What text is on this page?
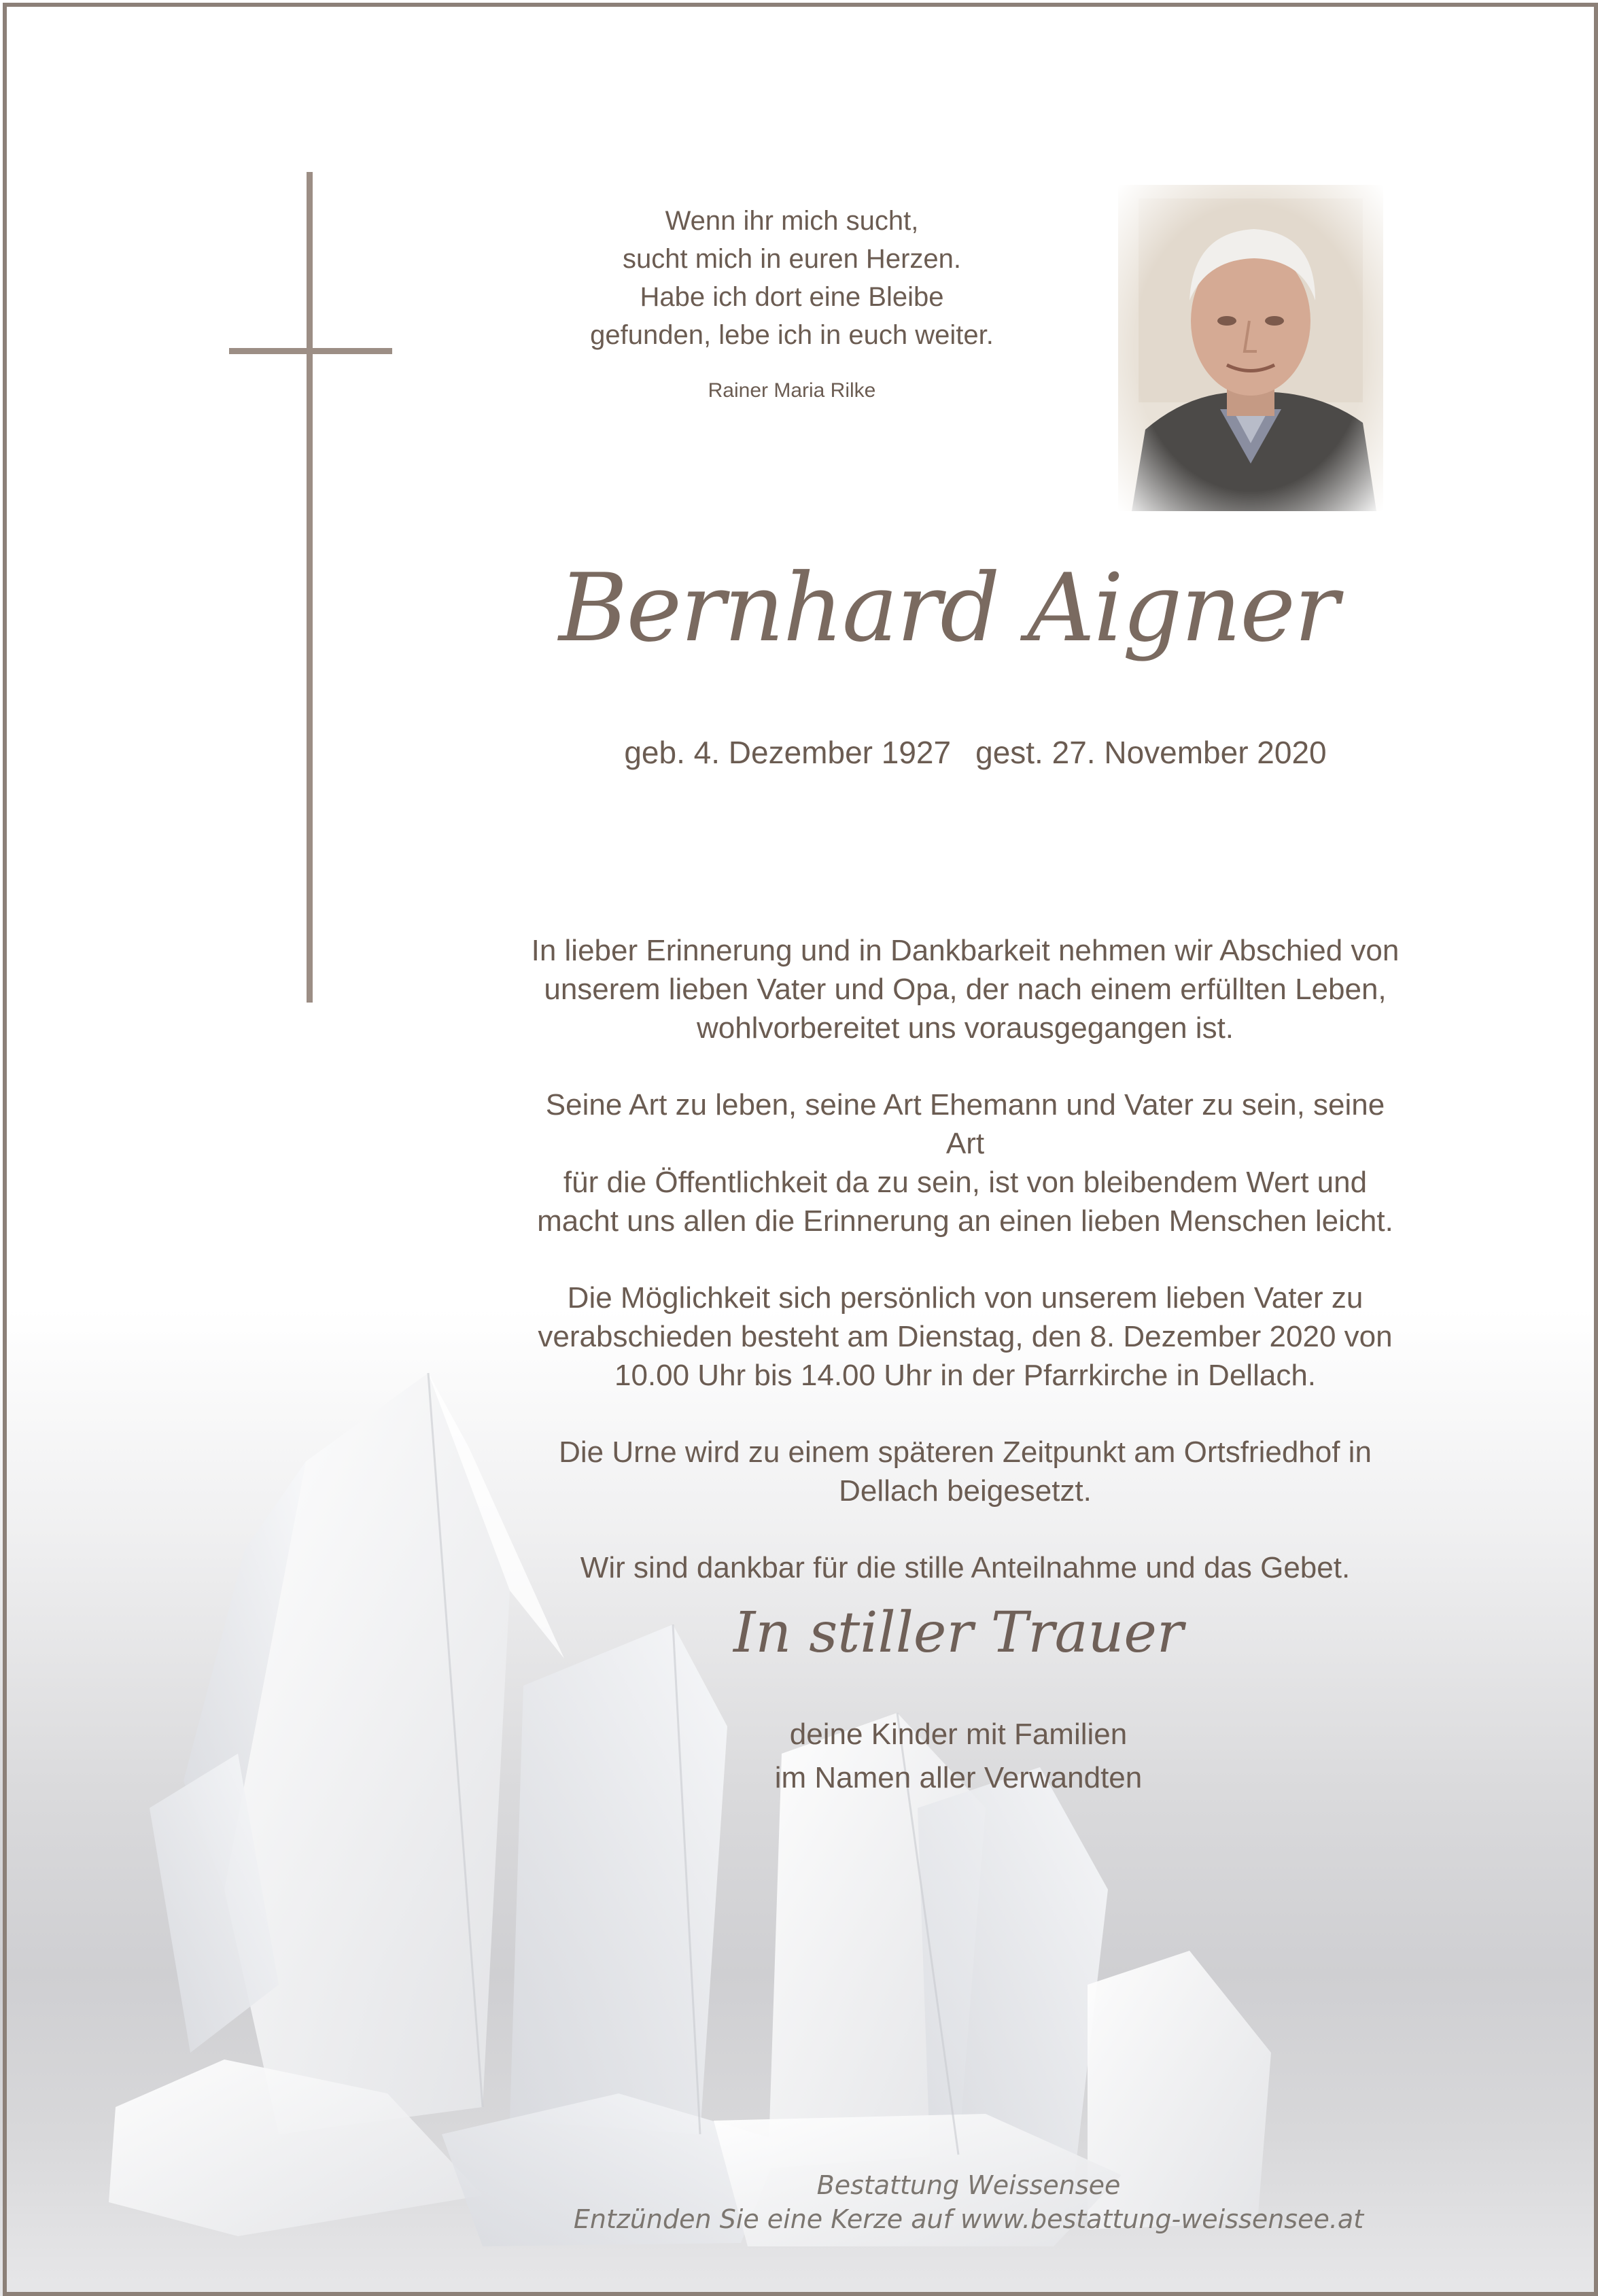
Wenn ihr mich sucht,
sucht mich in euren Herzen.
Habe ich dort eine Bleibe
gefunden, lebe ich in euch weiter.
Rainer Maria Rilke
Bernhard Aigner
geb. 4. Dezember 1927 gest. 27. November 2020

In lieber Erinnerung und in Dankbarkeit nehmen wir Abschied von
unserem lieben Vater und Opa, der nach einem erfüllten Leben,
wohlvorbereitet uns vorausgegangen ist.

Seine Art zu leben, seine Art Ehemann und Vater zu sein, seine Art
für die Öffentlichkeit da zu sein, ist von bleibendem Wert und
macht uns allen die Erinnerung an einen lieben Menschen leicht.

Die Möglichkeit sich persönlich von unserem lieben Vater zu
verabschieden besteht am Dienstag, den 8. Dezember 2020 von
10.00 Uhr bis 14.00 Uhr in der Pfarrkirche in Dellach.

Die Urne wird zu einem späteren Zeitpunkt am Ortsfriedhof in
Dellach beigesetzt.

Wir sind dankbar für die stille Anteilnahme und das Gebet.

In stiller Trauer
deine Kinder mit Familien
im Namen aller Verwandten
Bestattung Weissensee
Entzünden Sie eine Kerze auf www.bestattung-weissensee.at
